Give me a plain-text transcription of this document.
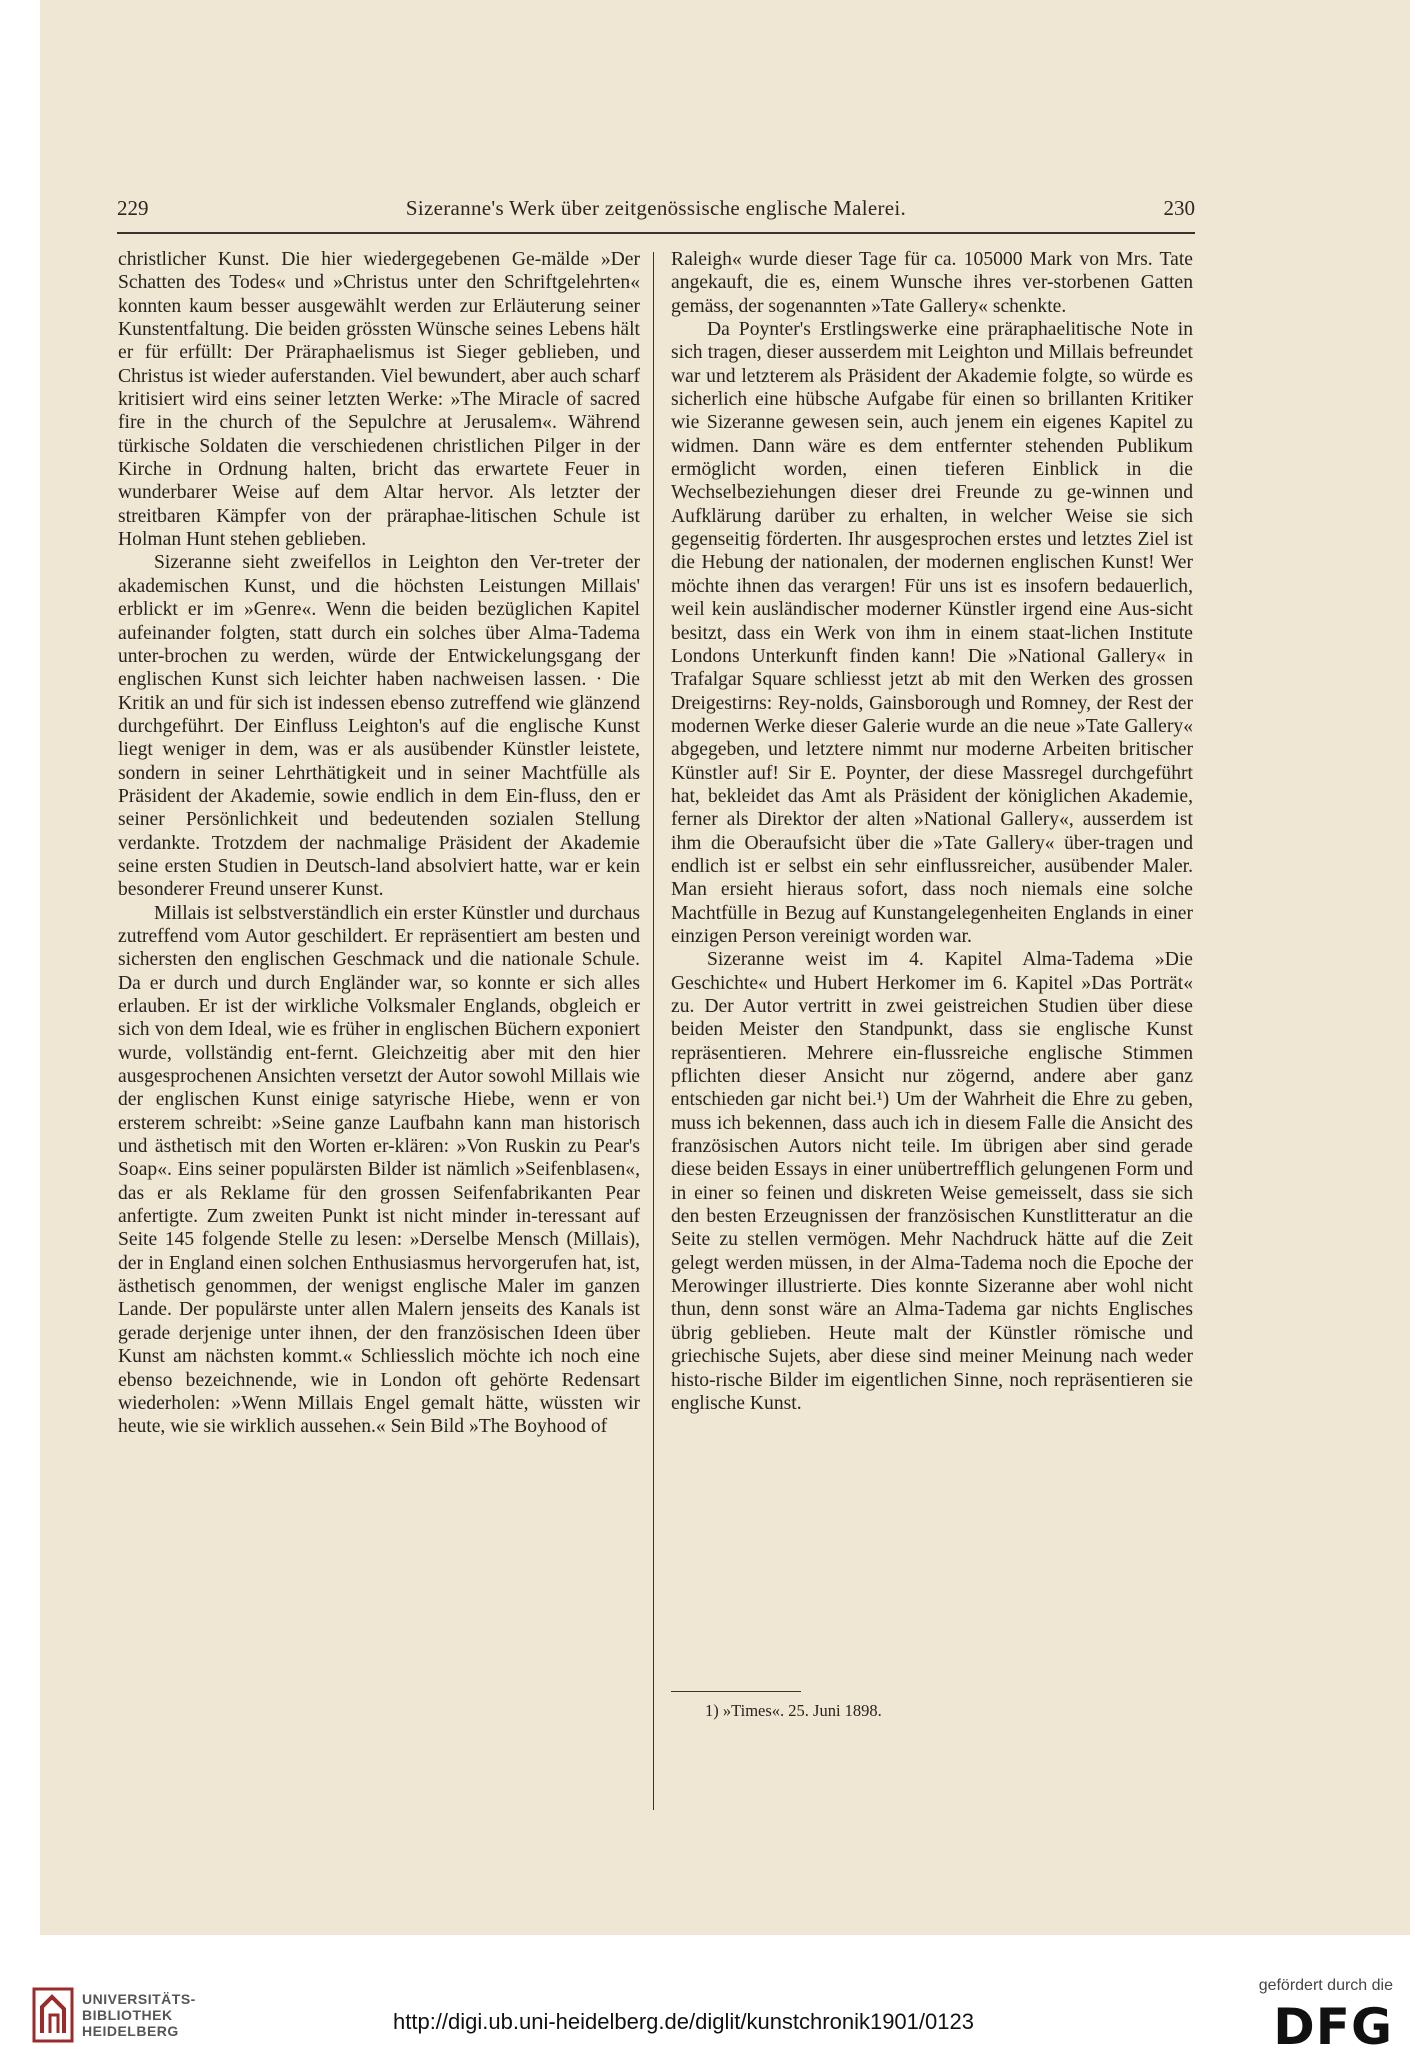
229	Sizeranne's Werk über zeitgenössische englische Malerei.	230

christlicher Kunst. Die hier wiedergegebenen Ge-mälde »Der Schatten des Todes« und »Christus unter den Schriftgelehrten« konnten kaum besser ausgewählt werden zur Erläuterung seiner Kunstentfaltung. Die beiden grössten Wünsche seines Lebens hält er für erfüllt: Der Präraphaelismus ist Sieger geblieben, und Christus ist wieder auferstanden. Viel bewundert, aber auch scharf kritisiert wird eins seiner letzten Werke: »The Miracle of sacred fire in the church of the Sepulchre at Jerusalem«. Während türkische Soldaten die verschiedenen christlichen Pilger in der Kirche in Ordnung halten, bricht das erwartete Feuer in wunderbarer Weise auf dem Altar hervor. Als letzter der streitbaren Kämpfer von der präraphae-litischen Schule ist Holman Hunt stehen geblieben.

Sizeranne sieht zweifellos in Leighton den Ver-treter der akademischen Kunst, und die höchsten Leistungen Millais' erblickt er im »Genre«. Wenn die beiden bezüglichen Kapitel aufeinander folgten, statt durch ein solches über Alma-Tadema unter-brochen zu werden, würde der Entwickelungsgang der englischen Kunst sich leichter haben nachweisen lassen. · Die Kritik an und für sich ist indessen ebenso zutreffend wie glänzend durchgeführt. Der Einfluss Leighton's auf die englische Kunst liegt weniger in dem, was er als ausübender Künstler leistete, sondern in seiner Lehrthätigkeit und in seiner Machtfülle als Präsident der Akademie, sowie endlich in dem Ein-fluss, den er seiner Persönlichkeit und bedeutenden sozialen Stellung verdankte. Trotzdem der nachmalige Präsident der Akademie seine ersten Studien in Deutsch-land absolviert hatte, war er kein besonderer Freund unserer Kunst.

Millais ist selbstverständlich ein erster Künstler und durchaus zutreffend vom Autor geschildert. Er repräsentiert am besten und sichersten den englischen Geschmack und die nationale Schule. Da er durch und durch Engländer war, so konnte er sich alles erlauben. Er ist der wirkliche Volksmaler Englands, obgleich er sich von dem Ideal, wie es früher in englischen Büchern exponiert wurde, vollständig ent-fernt. Gleichzeitig aber mit den hier ausgesprochenen Ansichten versetzt der Autor sowohl Millais wie der englischen Kunst einige satyrische Hiebe, wenn er von ersterem schreibt: »Seine ganze Laufbahn kann man historisch und ästhetisch mit den Worten er-klären: »Von Ruskin zu Pear's Soap«. Eins seiner populärsten Bilder ist nämlich »Seifenblasen«, das er als Reklame für den grossen Seifenfabrikanten Pear anfertigte. Zum zweiten Punkt ist nicht minder in-teressant auf Seite 145 folgende Stelle zu lesen: »Derselbe Mensch (Millais), der in England einen solchen Enthusiasmus hervorgerufen hat, ist, ästhetisch genommen, der wenigst englische Maler im ganzen Lande. Der populärste unter allen Malern jenseits des Kanals ist gerade derjenige unter ihnen, der den französischen Ideen über Kunst am nächsten kommt.« Schliesslich möchte ich noch eine ebenso bezeichnende, wie in London oft gehörte Redensart wiederholen: »Wenn Millais Engel gemalt hätte, wüssten wir heute, wie sie wirklich aussehen.« Sein Bild »The Boyhood of

Raleigh« wurde dieser Tage für ca. 105000 Mark von Mrs. Tate angekauft, die es, einem Wunsche ihres ver-storbenen Gatten gemäss, der sogenannten »Tate Gallery« schenkte.

Da Poynter's Erstlingswerke eine präraphaelitische Note in sich tragen, dieser ausserdem mit Leighton und Millais befreundet war und letzterem als Präsident der Akademie folgte, so würde es sicherlich eine hübsche Aufgabe für einen so brillanten Kritiker wie Sizeranne gewesen sein, auch jenem ein eigenes Kapitel zu widmen. Dann wäre es dem entfernter stehenden Publikum ermöglicht worden, einen tieferen Einblick in die Wechselbeziehungen dieser drei Freunde zu ge-winnen und Aufklärung darüber zu erhalten, in welcher Weise sie sich gegenseitig förderten. Ihr ausgesprochen erstes und letztes Ziel ist die Hebung der nationalen, der modernen englischen Kunst! Wer möchte ihnen das verargen! Für uns ist es insofern bedauerlich, weil kein ausländischer moderner Künstler irgend eine Aus-sicht besitzt, dass ein Werk von ihm in einem staat-lichen Institute Londons Unterkunft finden kann! Die »National Gallery« in Trafalgar Square schliesst jetzt ab mit den Werken des grossen Dreigestirns: Rey-nolds, Gainsborough und Romney, der Rest der modernen Werke dieser Galerie wurde an die neue »Tate Gallery« abgegeben, und letztere nimmt nur moderne Arbeiten britischer Künstler auf! Sir E. Poynter, der diese Massregel durchgeführt hat, bekleidet das Amt als Präsident der königlichen Akademie, ferner als Direktor der alten »National Gallery«, ausserdem ist ihm die Oberaufsicht über die »Tate Gallery« über-tragen und endlich ist er selbst ein sehr einflussreicher, ausübender Maler. Man ersieht hieraus sofort, dass noch niemals eine solche Machtfülle in Bezug auf Kunstangelegenheiten Englands in einer einzigen Person vereinigt worden war.

Sizeranne weist im 4. Kapitel Alma-Tadema »Die Geschichte« und Hubert Herkomer im 6. Kapitel »Das Porträt« zu. Der Autor vertritt in zwei geistreichen Studien über diese beiden Meister den Standpunkt, dass sie englische Kunst repräsentieren. Mehrere ein-flussreiche englische Stimmen pflichten dieser Ansicht nur zögernd, andere aber ganz entschieden gar nicht bei.¹) Um der Wahrheit die Ehre zu geben, muss ich bekennen, dass auch ich in diesem Falle die Ansicht des französischen Autors nicht teile. Im übrigen aber sind gerade diese beiden Essays in einer unübertrefflich gelungenen Form und in einer so feinen und diskreten Weise gemeisselt, dass sie sich den besten Erzeugnissen der französischen Kunstlitteratur an die Seite zu stellen vermögen. Mehr Nachdruck hätte auf die Zeit gelegt werden müssen, in der Alma-Tadema noch die Epoche der Merowinger illustrierte. Dies konnte Sizeranne aber wohl nicht thun, denn sonst wäre an Alma-Tadema gar nichts Englisches übrig geblieben. Heute malt der Künstler römische und griechische Sujets, aber diese sind meiner Meinung nach weder histo-rische Bilder im eigentlichen Sinne, noch repräsentieren sie englische Kunst.

1) »Times«. 25. Juni 1898.
UNIVERSITÄTS-
BIBLIOTHEK
HEIDELBERG	http://digi.ub.uni-heidelberg.de/diglit/kunstchronik1901/0123
gefördert durch die
DFG
